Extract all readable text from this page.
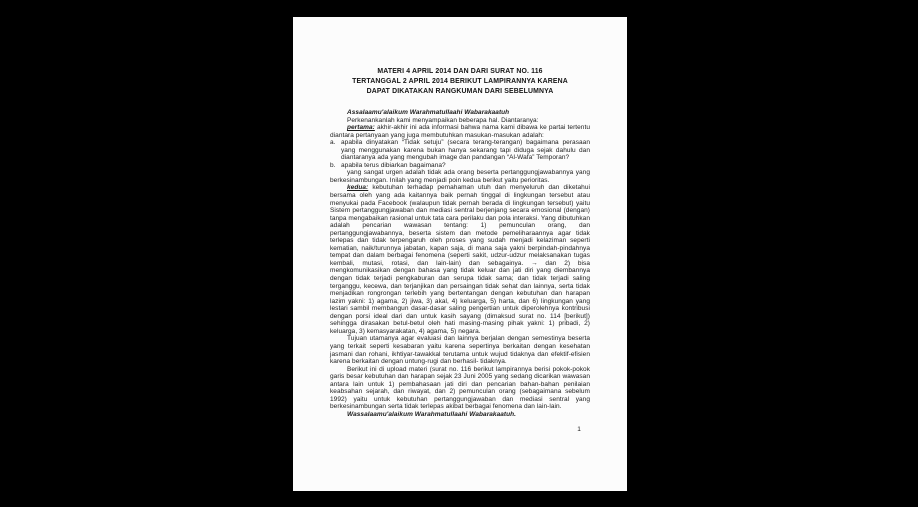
MATERI 4 APRIL 2014 DAN DARI SURAT NO. 116
TERTANGGAL 2 APRIL 2014 BERIKUT LAMPIRANNYA KARENA
DAPAT DIKATAKAN RANGKUMAN DARI SEBELUMNYA
Assalaamu'alaikum Warahmatullaahi Wabarakaatuh
Perkenankanlah kami menyampaikan beberapa hal. Diantaranya:
pertama: akhir-akhir ini ada informasi bahwa nama kami dibawa ke partai tertentu diantara pertanyaan yang juga membutuhkan masukan-masukan adalah:
a. apabila dinyatakan “Tidak setuju” (secara terang-terangan) bagaimana perasaan yang menggunakan karena bukan hanya sekarang tapi diduga sejak dahulu dan diantaranya ada yang mengubah image dan pandangan “Al-Wafa” Temporan?
b. apabila terus dibiarkan bagaimana?
yang sangat urgen adalah tidak ada orang beserta pertanggungjawabannya yang berkesinambungan. Inilah yang menjadi poin kedua berikut yaitu perioritas.
kedua: kebutuhan terhadap pemahaman utuh dan menyeluruh dan diketahui bersama oleh yang ada kaitannya baik pernah tinggal di lingkungan tersebut atau menyukai pada Facebook (walaupun tidak pernah berada di lingkungan tersebut) yaitu Sistem pertanggungjawaban dan mediasi sentral berjenjang secara emosional (dengan) tanpa mengabaikan rasional untuk tata cara perilaku dan pola interaksi. Yang dibutuhkan adalah pencarian wawasan tentang: 1) pemunculan orang, dan pertanggungjawabannya, beserta sistem dan metode pemeliharaannya agar tidak terlepas dan tidak terpengaruh oleh proses yang sudah menjadi kelaziman seperti kematian, naik/turunnya jabatan, kapan saja, di mana saja yakni berpindah-pindahnya tempat dan dalam berbagai fenomena (seperti sakit, udzur-udzur melaksanakan tugas kembali, mutasi, rotasi, dan lain-lain) dan sebagainya. → dan 2) bisa mengkomunikasikan dengan bahasa yang tidak keluar dan jati diri yang diembannya dengan tidak terjadi pengkaburan dan serupa tidak sama; dan tidak terjadi saling terganggu, kecewa, dan terjanjikan dan persaingan tidak sehat dan lainnya, serta tidak menjadikan rongrongan terlebih yang bertentangan dengan kebutuhan dan harapan lazim yakni: 1) agama, 2) jiwa, 3) akal, 4) keluarga, 5) harta, dan 6) lingkungan yang lestari sambil membangun dasar-dasar saling pengertian untuk diperolehnya kontribusi dengan porsi ideal dari dan untuk kasih sayang (dimaksud surat no. 114 [berikut]) sehingga dirasakan betul-betul oleh hati masing-masing pihak yakni: 1) pribadi, 2) keluarga, 3) kemasyarakatan, 4) agama, 5) negara.
Tujuan utamanya agar evaluasi dan lainnya berjalan dengan semestinya beserta yang terkait seperti kesabaran yaitu karena sepertinya berkaitan dengan kesehatan jasmani dan rohani, ikhtiyar-tawakkal terutama untuk wujud tidaknya dan efektif-efisien karena berkaitan dengan untung-rugi dan berhasil- tidaknya.
Berikut ini di upload materi (surat no. 116 berikut lampirannya berisi pokok-pokok garis besar kebutuhan dan harapan sejak 23 Juni 2005 yang sedang dicarikan wawasan antara lain untuk 1) pembahasaan jati diri dan pencarian bahan-bahan penilaian keabsahan sejarah, dan riwayat, dan 2) pemunculan orang (sebagaimana sebelum 1992) yaitu untuk kebutuhan pertanggungjawaban dan mediasi sentral yang berkesinambungan serta tidak terlepas akibat berbagai fenomena dan lain-lain.
Wassalaamu'alaikum Warahmatullaahi Wabarakaatuh.
1
